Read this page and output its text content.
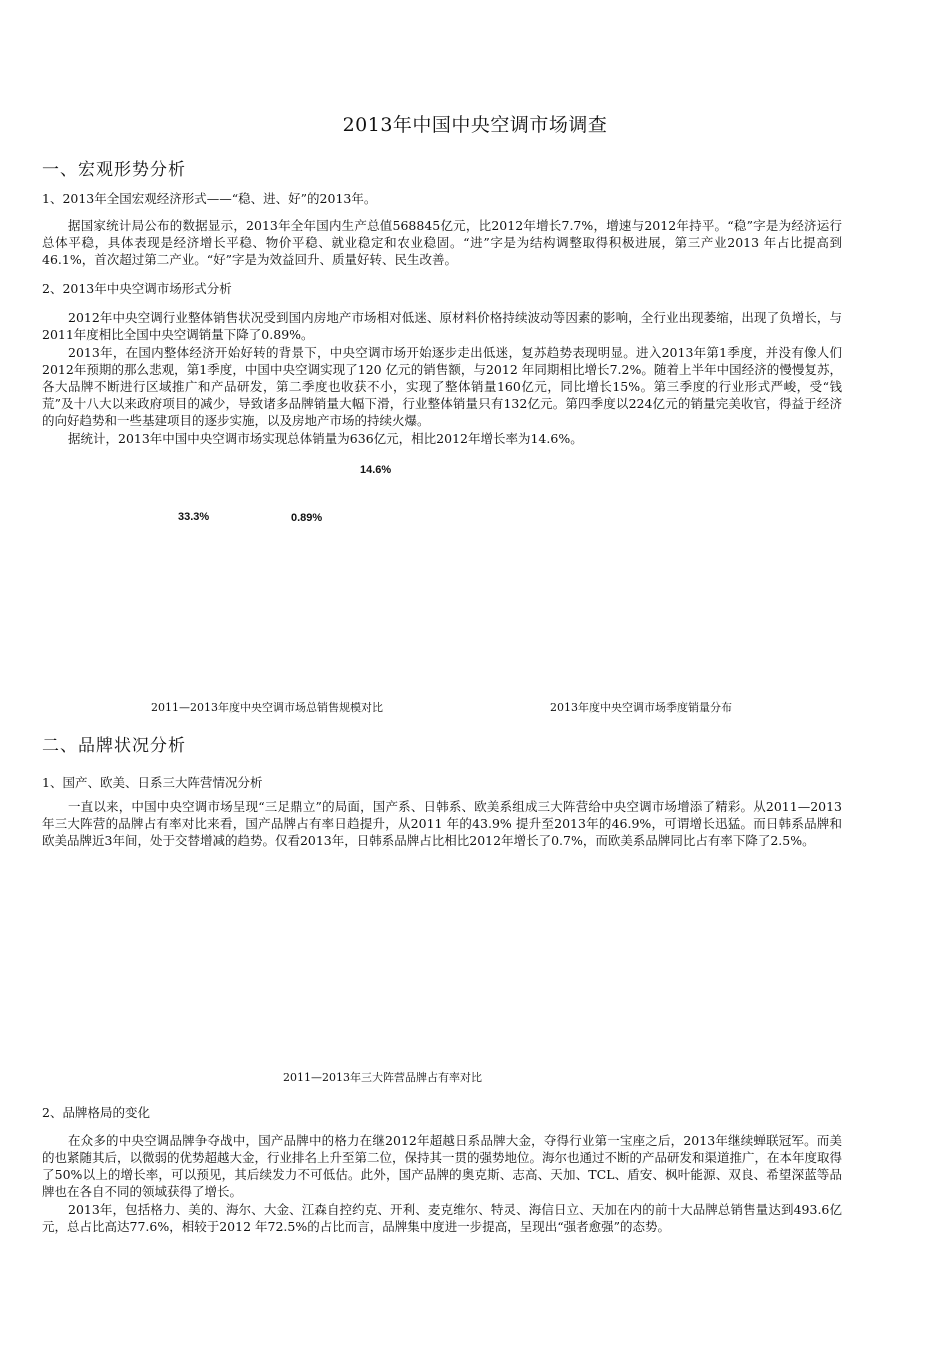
2013年中国中央空调市场调查
一、宏观形势分析
1、2013年全国宏观经济形式——“稳、进、好”的2013年。

据国家统计局公布的数据显示，2013年全年国内生产总值568845亿元，比2012年增长7.7%，增速与2012年持平。“稳”字是为经济运行总体平稳，具体表现是经济增长平稳、物价平稳、就业稳定和农业稳固。“进”字是为结构调整取得积极进展，第三产业2013 年占比提高到46.1%，首次超过第二产业。“好”字是为效益回升、质量好转、民生改善。

2、2013年中央空调市场形式分析

2012年中央空调行业整体销售状况受到国内房地产市场相对低迷、原材料价格持续波动等因素的影响，全行业出现萎缩，出现了负增长，与2011年度相比全国中央空调销量下降了0.89%。

2013年，在国内整体经济开始好转的背景下，中央空调市场开始逐步走出低迷，复苏趋势表现明显。进入2013年第1季度，并没有像人们2012年预期的那么悲观，第1季度，中国中央空调实现了120 亿元的销售额，与2012 年同期相比增长7.2%。随着上半年中国经济的慢慢复苏，各大品牌不断进行区域推广和产品研发，第二季度也收获不小，实现了整体销量160亿元，同比增长15%。第三季度的行业形式严峻，受“钱荒”及十八大以来政府项目的减少，导致诸多品牌销量大幅下滑，行业整体销量只有132亿元。第四季度以224亿元的销量完美收官，得益于经济的向好趋势和一些基建项目的逐步实施，以及房地产市场的持续火爆。

据统计，2013年中国中央空调市场实现总体销量为636亿元，相比2012年增长率为14.6%。

14.6%
33.3%	0.89%
2011—2013年度中央空调市场总销售规模对比	2013年度中央空调市场季度销量分布
二、品牌状况分析
1、国产、欧美、日系三大阵营情况分析

一直以来，中国中央空调市场呈现“三足鼎立”的局面，国产系、日韩系、欧美系组成三大阵营给中央空调市场增添了精彩。从2011—2013 年三大阵营的品牌占有率对比来看，国产品牌占有率日趋提升，从2011 年的43.9% 提升至2013年的46.9%，可谓增长迅猛。而日韩系品牌和欧美品牌近3年间，处于交替增减的趋势。仅看2013年，日韩系品牌占比相比2012年增长了0.7%，而欧美系品牌同比占有率下降了2.5%。

2011—2013年三大阵营品牌占有率对比
2、品牌格局的变化

在众多的中央空调品牌争夺战中，国产品牌中的格力在继2012年超越日系品牌大金，夺得行业第一宝座之后，2013年继续蝉联冠军。而美的也紧随其后，以微弱的优势超越大金，行业排名上升至第二位，保持其一贯的强势地位。海尔也通过不断的产品研发和渠道推广，在本年度取得了50%以上的增长率，可以预见，其后续发力不可低估。此外，国产品牌的奥克斯、志高、天加、TCL、盾安、枫叶能源、双良、希望深蓝等品牌也在各自不同的领域获得了增长。

2013年，包括格力、美的、海尔、大金、江森自控约克、开利、麦克维尔、特灵、海信日立、天加在内的前十大品牌总销售量达到493.6亿元，总占比高达77.6%，相较于2012 年72.5%的占比而言，品牌集中度进一步提高，呈现出“强者愈强”的态势。
